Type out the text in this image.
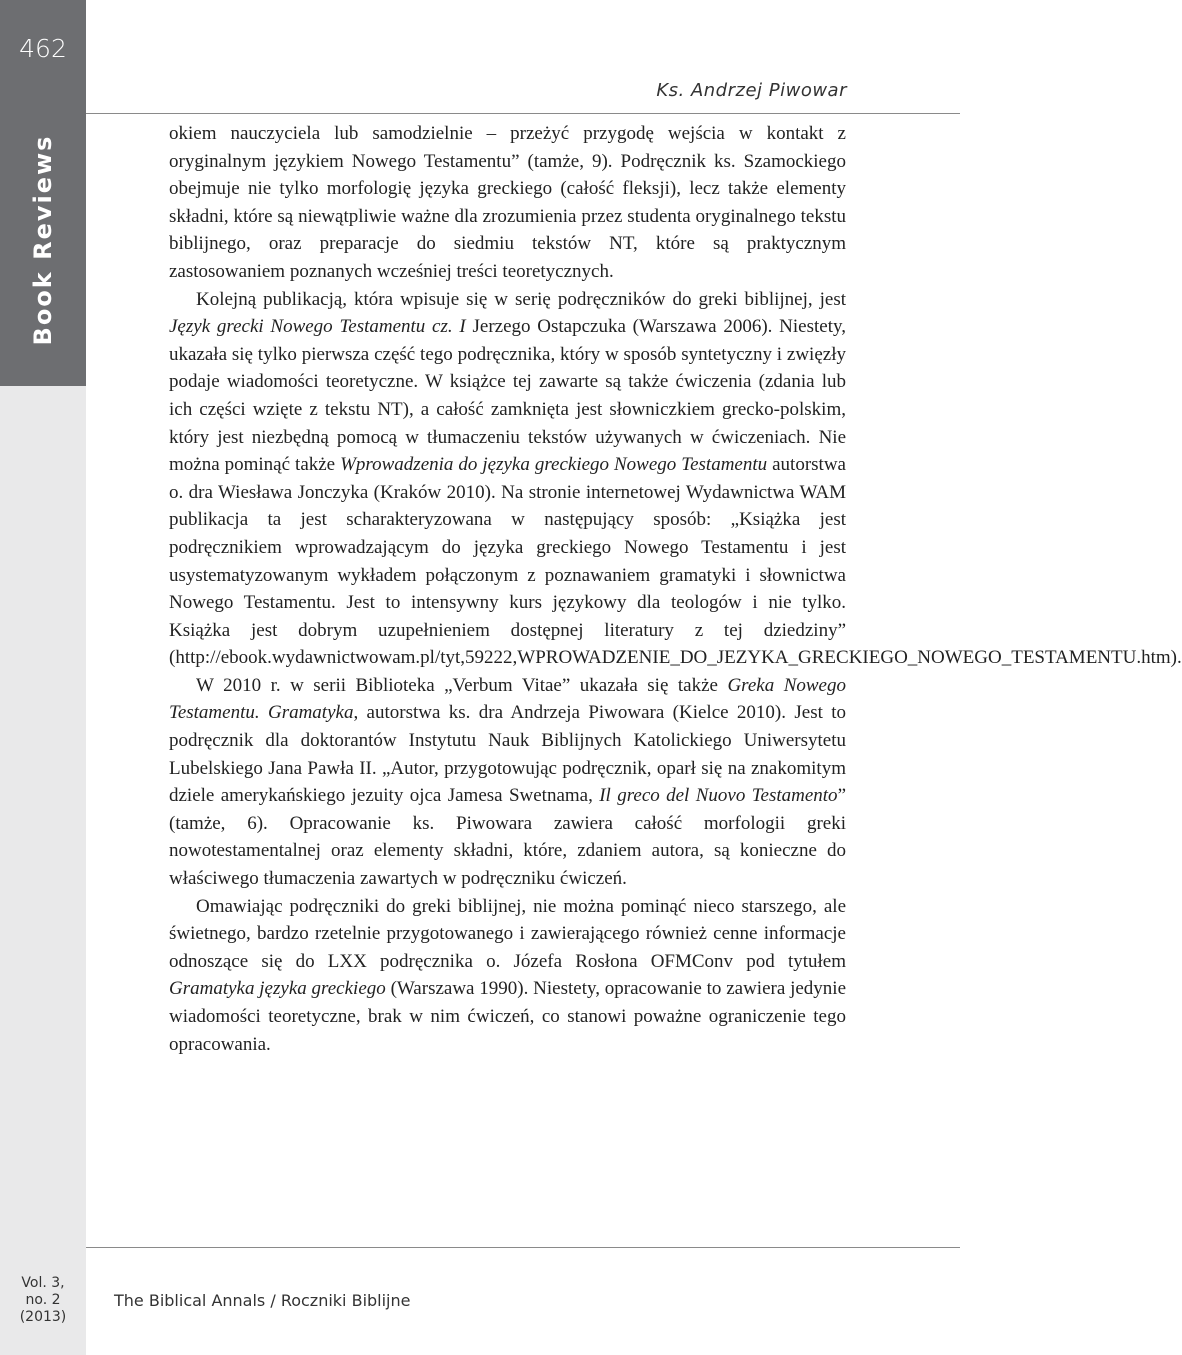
462
Book Reviews
Ks. Andrzej Piwowar

okiem nauczyciela lub samodzielnie – przeżyć przygodę wejścia w kontakt z oryginalnym językiem Nowego Testamentu” (tamże, 9). Podręcznik ks. Szamockiego obejmuje nie tylko morfologię języka greckiego (całość fleksji), lecz także elementy składni, które są niewątpliwie ważne dla zrozumienia przez studenta oryginalnego tekstu biblijnego, oraz preparacje do siedmiu tekstów NT, które są praktycznym zastosowaniem poznanych wcześniej treści teoretycznych.

Kolejną publikacją, która wpisuje się w serię podręczników do greki biblijnej, jest Język grecki Nowego Testamentu cz. I Jerzego Ostapczuka (Warszawa 2006). Niestety, ukazała się tylko pierwsza część tego podręcznika, który w sposób syntetyczny i zwięzły podaje wiadomości teoretyczne. W książce tej zawarte są także ćwiczenia (zdania lub ich części wzięte z tekstu NT), a całość zamknięta jest słowniczkiem grecko-polskim, który jest niezbędną pomocą w tłumaczeniu tekstów używanych w ćwiczeniach. Nie można pominąć także Wprowadzenia do języka greckiego Nowego Testamentu autorstwa o. dra Wiesława Jonczyka (Kraków 2010). Na stronie internetowej Wydawnictwa WAM publikacja ta jest scharakteryzowana w następujący sposób: „Książka jest podręcznikiem wprowadzającym do języka greckiego Nowego Testamentu i jest usystematyzowanym wykładem połączonym z poznawaniem gramatyki i słownictwa Nowego Testamentu. Jest to intensywny kurs językowy dla teologów i nie tylko. Książka jest dobrym uzupełnieniem dostępnej literatury z tej dziedziny” (http://ebook.wydawnictwowam.pl/tyt,59222,WPROWADZENIE_DO_JEZYKA_GRECKIEGO_NOWEGO_TESTAMENTU.htm).

W 2010 r. w serii Biblioteka „Verbum Vitae” ukazała się także Greka Nowego Testamentu. Gramatyka, autorstwa ks. dra Andrzeja Piwowara (Kielce 2010). Jest to podręcznik dla doktorantów Instytutu Nauk Biblijnych Katolickiego Uniwersytetu Lubelskiego Jana Pawła II. „Autor, przygotowując podręcznik, oparł się na znakomitym dziele amerykańskiego jezuity ojca Jamesa Swetnama, Il greco del Nuovo Testamento” (tamże, 6). Opracowanie ks. Piwowara zawiera całość morfologii greki nowotestamentalnej oraz elementy składni, które, zdaniem autora, są konieczne do właściwego tłumaczenia zawartych w podręczniku ćwiczeń.

Omawiając podręczniki do greki biblijnej, nie można pominąć nieco starszego, ale świetnego, bardzo rzetelnie przygotowanego i zawierającego również cenne informacje odnoszące się do LXX podręcznika o. Józefa Rosłona OFMConv pod tytułem Gramatyka języka greckiego (Warszawa 1990). Niestety, opracowanie to zawiera jedynie wiadomości teoretyczne, brak w nim ćwiczeń, co stanowi poważne ograniczenie tego opracowania.

Vol. 3,
no. 2
(2013)
The Biblical Annals / Roczniki Biblijne
